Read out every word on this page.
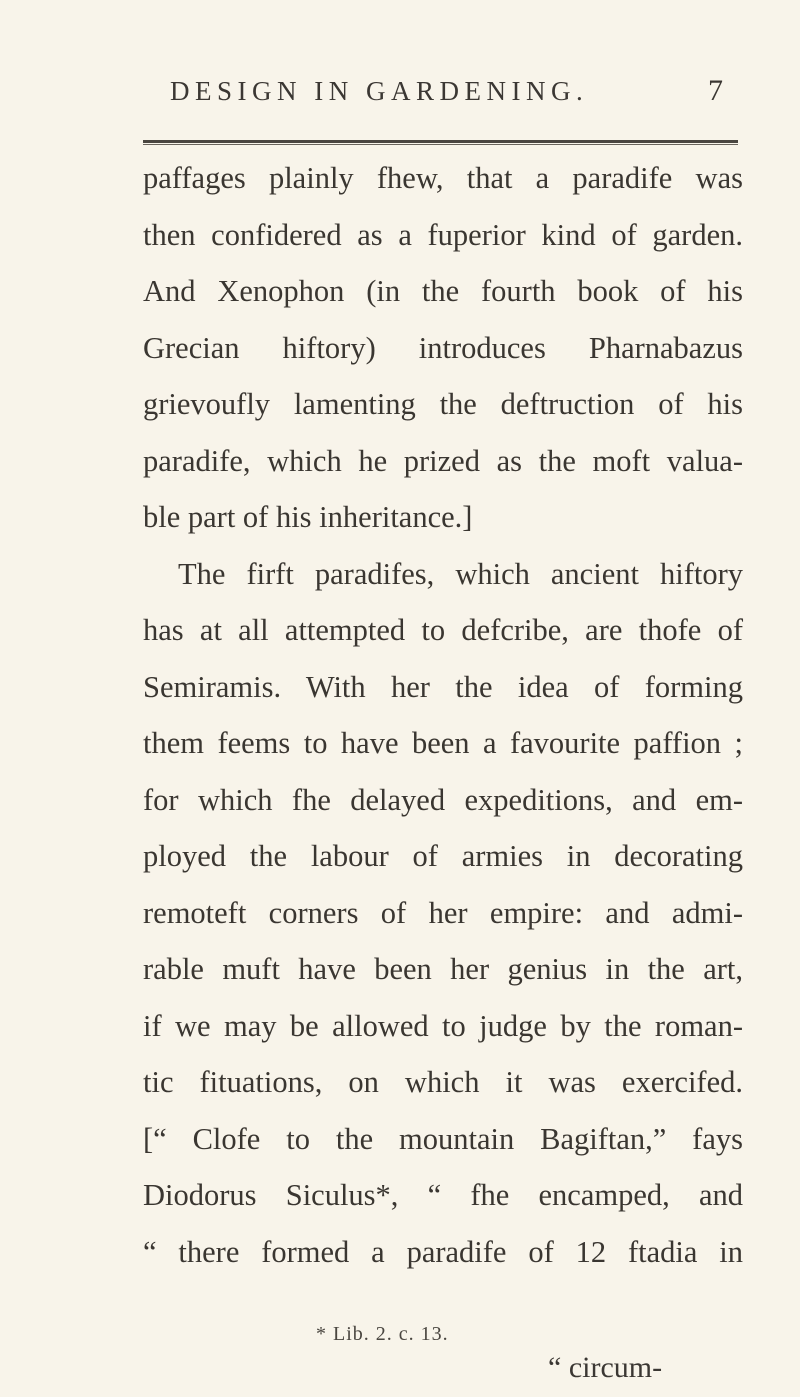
DESIGN IN GARDENING.	7
paffages plainly fhew, that a paradife was
then confidered as a fuperior kind of garden.
And Xenophon (in the fourth book of his
Grecian hiftory) introduces Pharnabazus
grievoufly lamenting the deftruction of his
paradife, which he prized as the moft valua-
ble part of his inheritance.]
The firft paradifes, which ancient hiftory
has at all attempted to defcribe, are thofe of
Semiramis. With her the idea of forming
them feems to have been a favourite paffion ;
for which fhe delayed expeditions, and em-
ployed the labour of armies in decorating
remoteft corners of her empire: and admi-
rable muft have been her genius in the art,
if we may be allowed to judge by the roman-
tic fituations, on which it was exercifed.
[“ Clofe to the mountain Bagiftan,” fays
Diodorus Siculus*, “ fhe encamped, and
“ there formed a paradife of 12 ftadia in
* Lib. 2. c. 13.
“ circum-
